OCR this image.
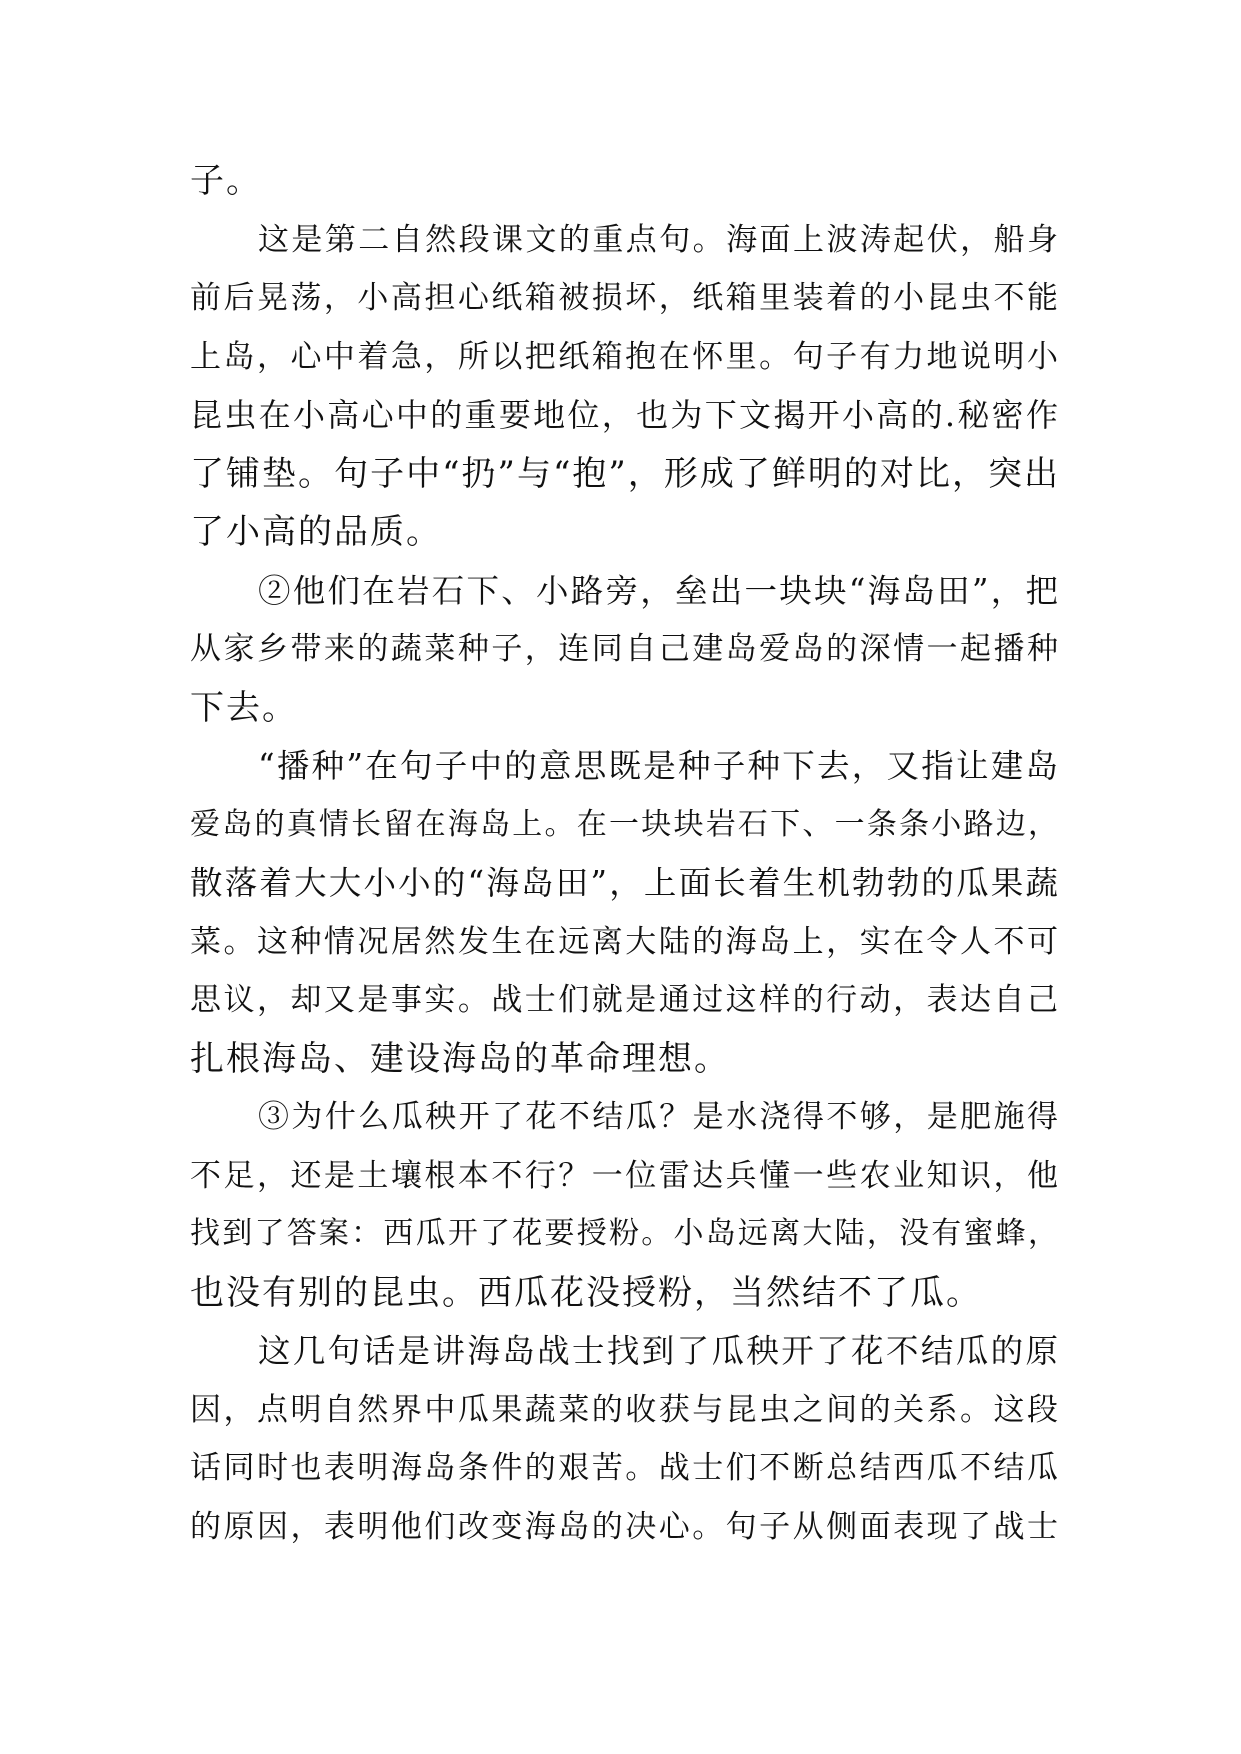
子。
这是第二自然段课文的重点句。海面上波涛起伏，船身
前后晃荡，小高担心纸箱被损坏，纸箱里装着的小昆虫不能
上岛，心中着急，所以把纸箱抱在怀里。句子有力地说明小
昆虫在小高心中的重要地位，也为下文揭开小高的.秘密作
了铺垫。句子中“扔”与“抱”，形成了鲜明的对比，突出
了小高的品质。
②他们在岩石下、小路旁，垒出一块块“海岛田”，把
从家乡带来的蔬菜种子，连同自己建岛爱岛的深情一起播种
下去。
“播种”在句子中的意思既是种子种下去，又指让建岛
爱岛的真情长留在海岛上。在一块块岩石下、一条条小路边，
散落着大大小小的“海岛田”，上面长着生机勃勃的瓜果蔬
菜。这种情况居然发生在远离大陆的海岛上，实在令人不可
思议，却又是事实。战士们就是通过这样的行动，表达自己
扎根海岛、建设海岛的革命理想。
③为什么瓜秧开了花不结瓜？是水浇得不够，是肥施得
不足，还是土壤根本不行？一位雷达兵懂一些农业知识，他
找到了答案：西瓜开了花要授粉。小岛远离大陆，没有蜜蜂，
也没有别的昆虫。西瓜花没授粉，当然结不了瓜。
这几句话是讲海岛战士找到了瓜秧开了花不结瓜的原
因，点明自然界中瓜果蔬菜的收获与昆虫之间的关系。这段
话同时也表明海岛条件的艰苦。战士们不断总结西瓜不结瓜
的原因，表明他们改变海岛的决心。句子从侧面表现了战士
